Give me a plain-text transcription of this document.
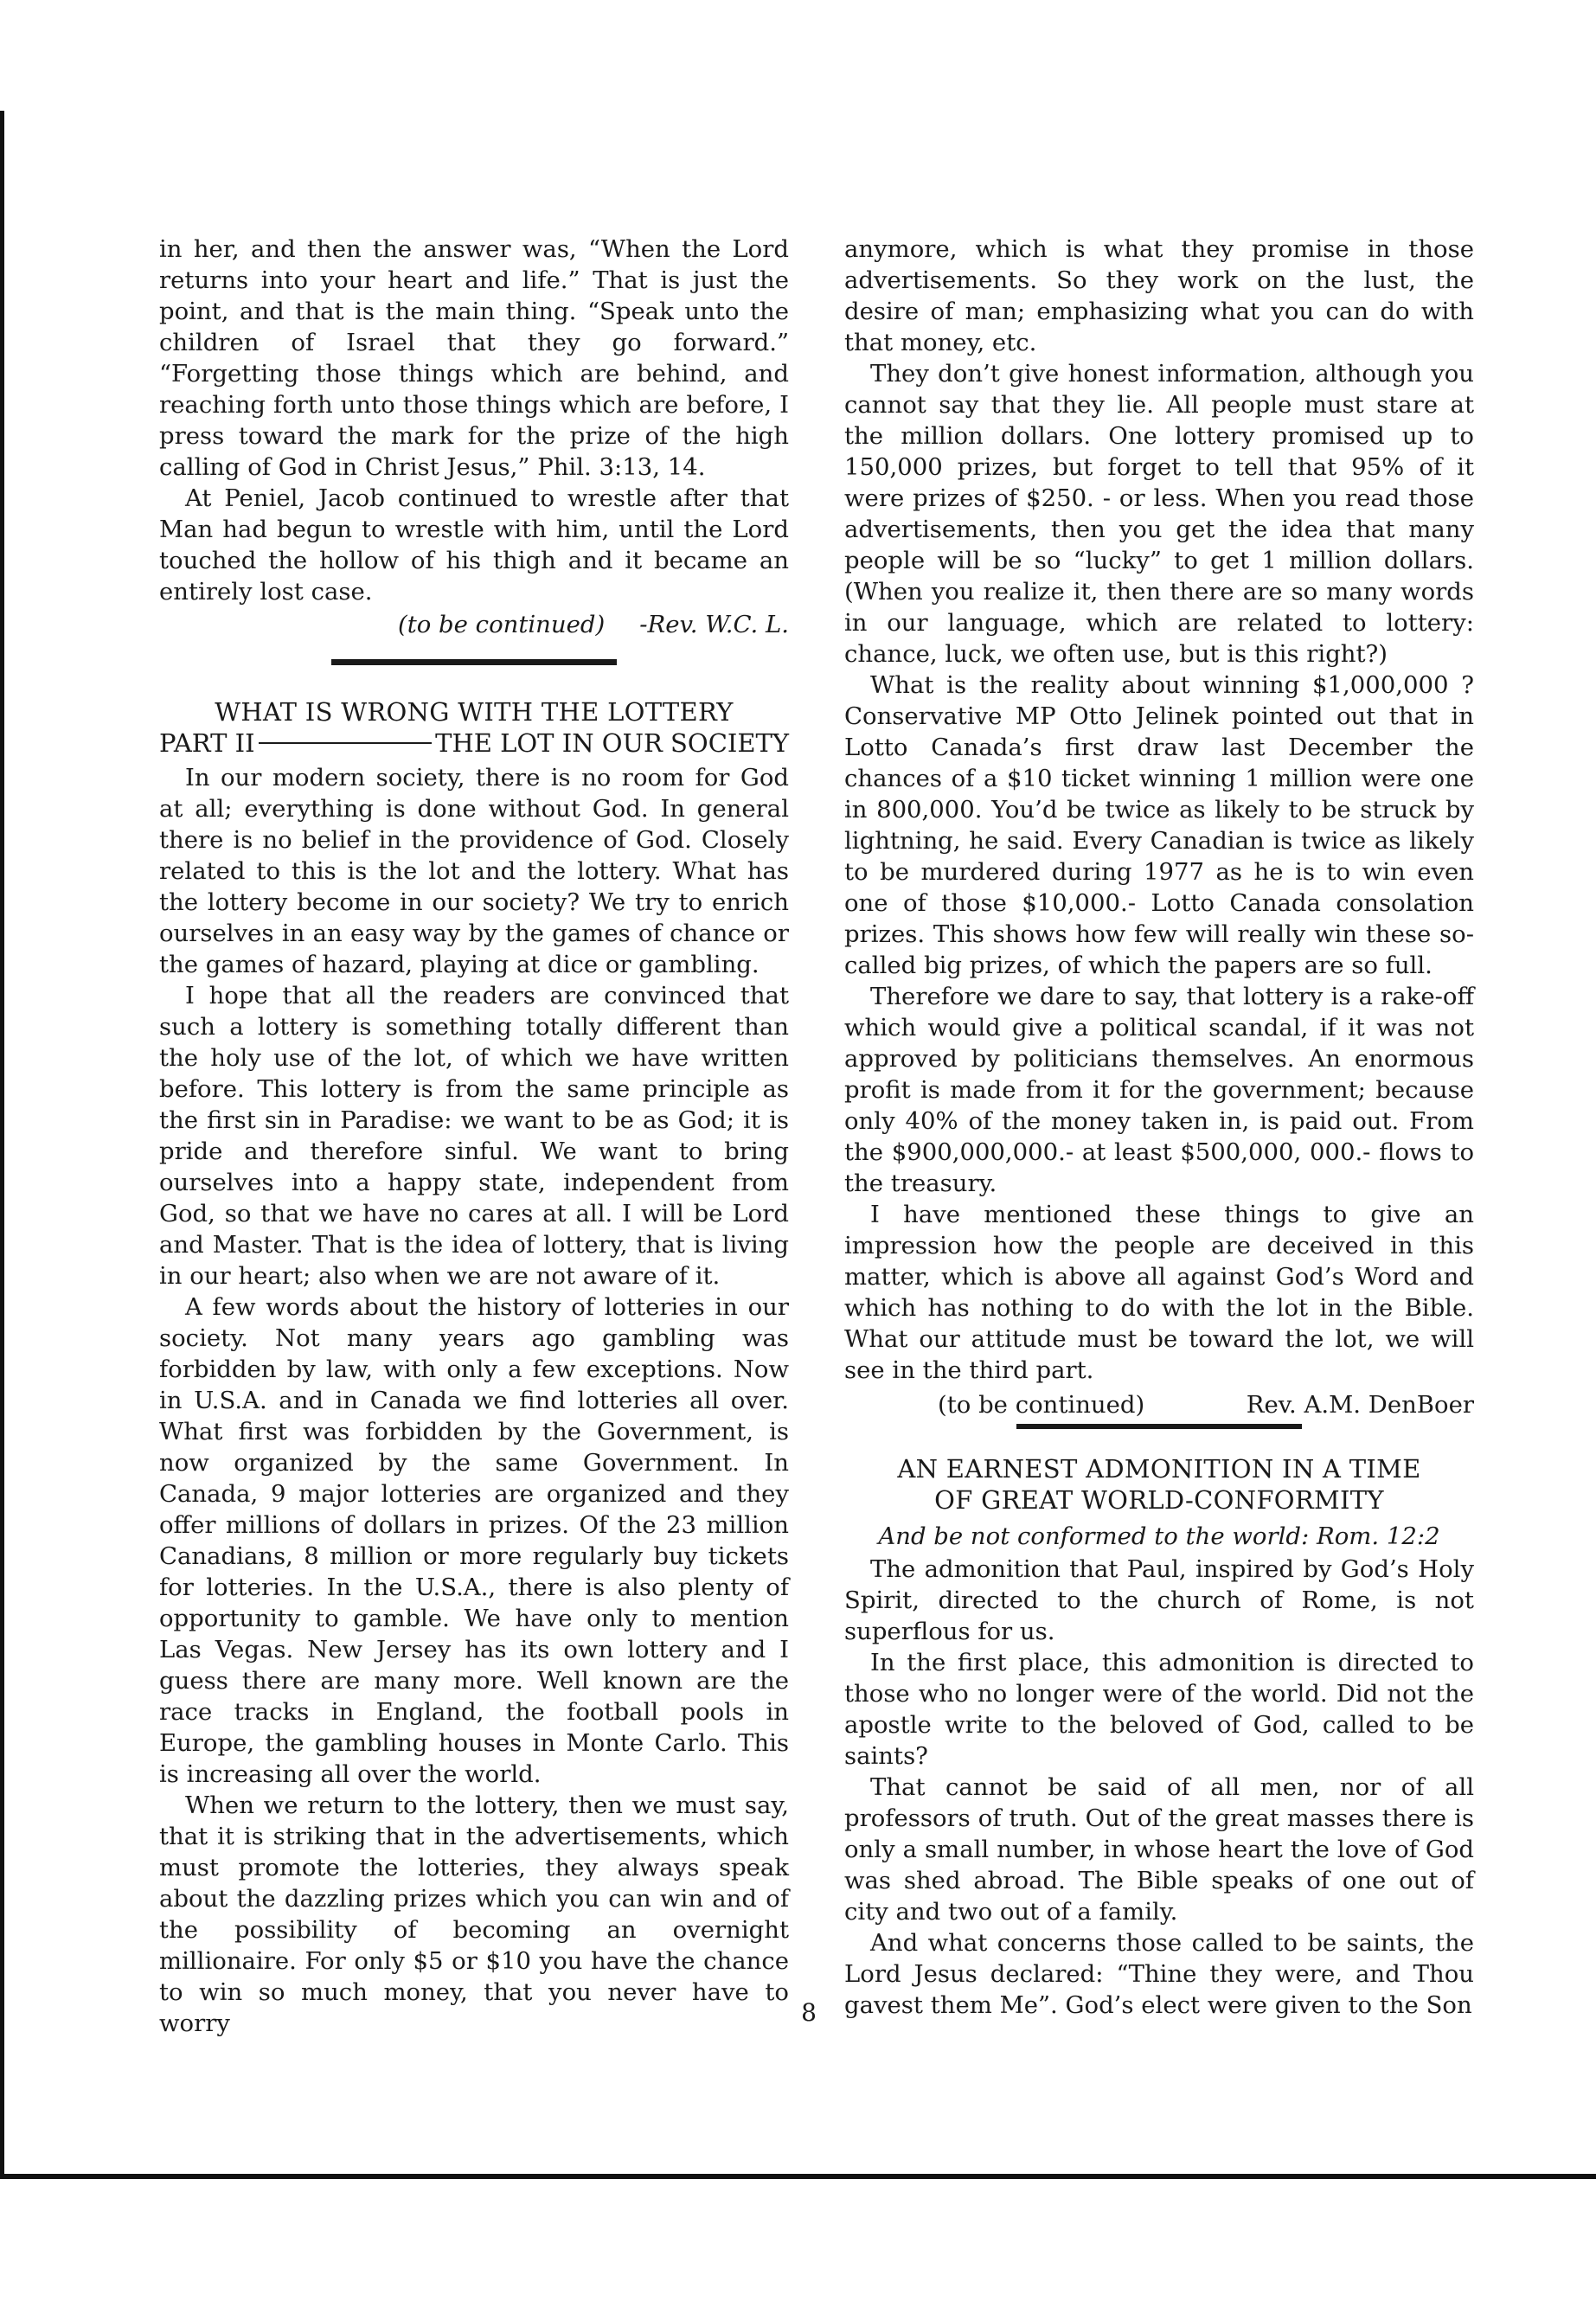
in her, and then the answer was, “When the Lord returns into your heart and life.” That is just the point, and that is the main thing. “Speak unto the children of Israel that they go forward.” “Forgetting those things which are behind, and reaching forth unto those things which are before, I press toward the mark for the prize of the high calling of God in Christ Jesus,” Phil. 3:13, 14.

At Peniel, Jacob continued to wrestle after that Man had begun to wrestle with him, until the Lord touched the hollow of his thigh and it became an entirely lost case.

(to be continued) -Rev. W.C. L.
WHAT IS WRONG WITH THE LOTTERY
PART II	THE LOT IN OUR SOCIETY

In our modern society, there is no room for God at all; everything is done without God. In general there is no belief in the providence of God. Closely related to this is the lot and the lottery. What has the lottery become in our society? We try to enrich ourselves in an easy way by the games of chance or the games of hazard, playing at dice or gambling.

I hope that all the readers are convinced that such a lottery is something totally different than the holy use of the lot, of which we have written before. This lottery is from the same principle as the first sin in Paradise: we want to be as God; it is pride and therefore sinful. We want to bring ourselves into a happy state, independent from God, so that we have no cares at all. I will be Lord and Master. That is the idea of lottery, that is living in our heart; also when we are not aware of it.

A few words about the history of lotteries in our society. Not many years ago gambling was forbidden by law, with only a few exceptions. Now in U.S.A. and in Canada we find lotteries all over. What first was forbidden by the Government, is now organized by the same Government. In Canada, 9 major lotteries are organized and they offer millions of dollars in prizes. Of the 23 million Canadians, 8 million or more regularly buy tickets for lotteries. In the U.S.A., there is also plenty of opportunity to gamble. We have only to mention Las Vegas. New Jersey has its own lottery and I guess there are many more. Well known are the race tracks in England, the football pools in Europe, the gambling houses in Monte Carlo. This is increasing all over the world.

When we return to the lottery, then we must say, that it is striking that in the advertisements, which must promote the lotteries, they always speak about the dazzling prizes which you can win and of the possibility of becoming an overnight millionaire. For only $5 or $10 you have the chance to win so much money, that you never have to worry

anymore, which is what they promise in those advertisements. So they work on the lust, the desire of man; emphasizing what you can do with that money, etc.

They don’t give honest information, although you cannot say that they lie. All people must stare at the million dollars. One lottery promised up to 150,000 prizes, but forget to tell that 95% of it were prizes of $250. - or less. When you read those advertisements, then you get the idea that many people will be so “lucky” to get 1 million dollars. (When you realize it, then there are so many words in our language, which are related to lottery: chance, luck, we often use, but is this right?)

What is the reality about winning $1,000,000 ? Conservative MP Otto Jelinek pointed out that in Lotto Canada’s first draw last December the chances of a $10 ticket winning 1 million were one in 800,000. You’d be twice as likely to be struck by lightning, he said. Every Canadian is twice as likely to be murdered during 1977 as he is to win even one of those $10,000.- Lotto Canada consolation prizes. This shows how few will really win these so-called big prizes, of which the papers are so full.

Therefore we dare to say, that lottery is a rake-off which would give a political scandal, if it was not approved by politicians themselves. An enormous profit is made from it for the government; because only 40% of the money taken in, is paid out. From the $900,000,000.- at least $500,000, 000.- flows to the treasury.

I have mentioned these things to give an impression how the people are deceived in this matter, which is above all against God’s Word and which has nothing to do with the lot in the Bible. What our attitude must be toward the lot, we will see in the third part.

(to be continued)	Rev. A.M. DenBoer
AN EARNEST ADMONITION IN A TIME
OF GREAT WORLD-CONFORMITY
And be not conformed to the world: Rom. 12:2

The admonition that Paul, inspired by God’s Holy Spirit, directed to the church of Rome, is not superflous for us.

In the first place, this admonition is directed to those who no longer were of the world. Did not the apostle write to the beloved of God, called to be saints?

That cannot be said of all men, nor of all professors of truth. Out of the great masses there is only a small number, in whose heart the love of God was shed abroad. The Bible speaks of one out of city and two out of a family.

And what concerns those called to be saints, the Lord Jesus declared: “Thine they were, and Thou gavest them Me”. God’s elect were given to the Son

8
